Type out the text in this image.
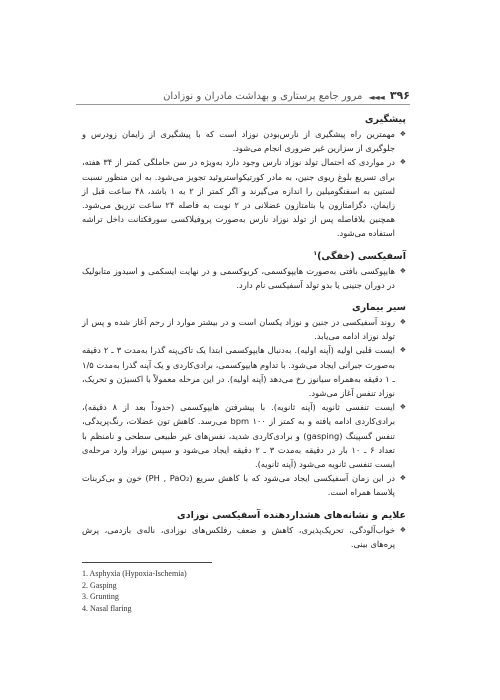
۳۹۶
◄◄◄
مرور جامع پرستاری و بهداشت مادران و نوزادان
پیشگیری

❖ مهمترین راه پیشگیری از نارس‌بودن نوزاد است که با پیشگیری از زایمان زودرس و جلوگیری از سزارین غیر ضروری انجام می‌شود.

❖ در مواردی که احتمال تولد نوزاد نارس وجود دارد به‌ویژه در سن حاملگی کمتر از ۳۴ هفته، برای تسریع بلوغ ریوی جنین، به مادر کورتیکواستروئید تجویز می‌شود. به این منظور نسبت لستین به اسفنگومیلین را اندازه می‌گیرند و اگر کمتر از ۲ به ۱ باشد، ۴۸ ساعت قبل از زایمان، دگزامتازون یا بتامتازون عضلانی در ۲ نوبت به فاصله ۲۴ ساعت تزریق می‌شود. همچنین بلافاصله پس از تولد نوزاد نارس به‌صورت پروفیلاکسی سورفکتانت داخل تراشه استفاده می‌شود.

آسفیکسی (خفگی)$^۱$

❖ هایپوکسی بافتی به‌صورت هایپوکسمی، کربوکسمی و در نهایت ایسکمی و اسیدوز متابولیک در دوران جنینی یا بدو تولد آسفیکسی نام دارد.

سیر بیماری

❖ روند آسفیکسی در جنین و نوزاد یکسان است و در بیشتر موارد از رحم آغاز شده و پس از تولد نوزاد ادامه می‌یابد.

❖ ایست قلبی اولیه (آپنه اولیه). به‌دنبال هایپوکسمی ابتدا یک تاکی‌پنه گذرا به‌مدت ۳ ـ ۲ دقیقه به‌صورت جبرانی ایجاد می‌شود. با تداوم هایپوکسمی، برادی‌کاردی و یک آپنه گذرا به‌مدت ۱/۵ ـ ۱ دقیقه به‌همراه سیانوز رخ می‌دهد (آپنه اولیه). در این مرحله معمولاً با اکسیژن و تحریک، نوزاد تنفس آغاز می‌شود.

❖ ایست تنفسی ثانویه (آپنه ثانویه). با پیشرفتن هایپوکسمی (حدوداً بعد از ۸ دقیقه)، برادی‌کاردی ادامه یافته و به کمتر از ۱۰۰ bpm می‌رسد. کاهش تون عضلات، رنگ‌پریدگی، تنفس‌ گسپینگ (gasping) و برادی‌کاردی شدید، نفس‌های غیر طبیعی سطحی و نامنظم با تعداد ۶ ـ ۱۰ بار در دقیقه به‌مدت ۳ ـ ۲ دقیقه ایجاد می‌شود و سپس نوزاد وارد مرحله‌ی ایست تنفسی ثانویه می‌شود (آپنه ثانویه).

❖ در این زمان آسفیکسی ایجاد می‌شود که با کاهش سریع (PH , PaO₂) خون و بی‌کربنات پلاسما همراه است.

علایم و نشانه‌های هشداردهنده آسفیکسی نوزادی

❖ خواب‌آلودگی، تحریک‌پذیری، کاهش و ضعف رفلکس‌های نوزادی، ناله‌ی بازدمی، پرش پره‌های بینی.

1. Asphyxia (Hypoxia-Ischemia)
2. Gasping
3. Grunting
4. Nasal flaring
